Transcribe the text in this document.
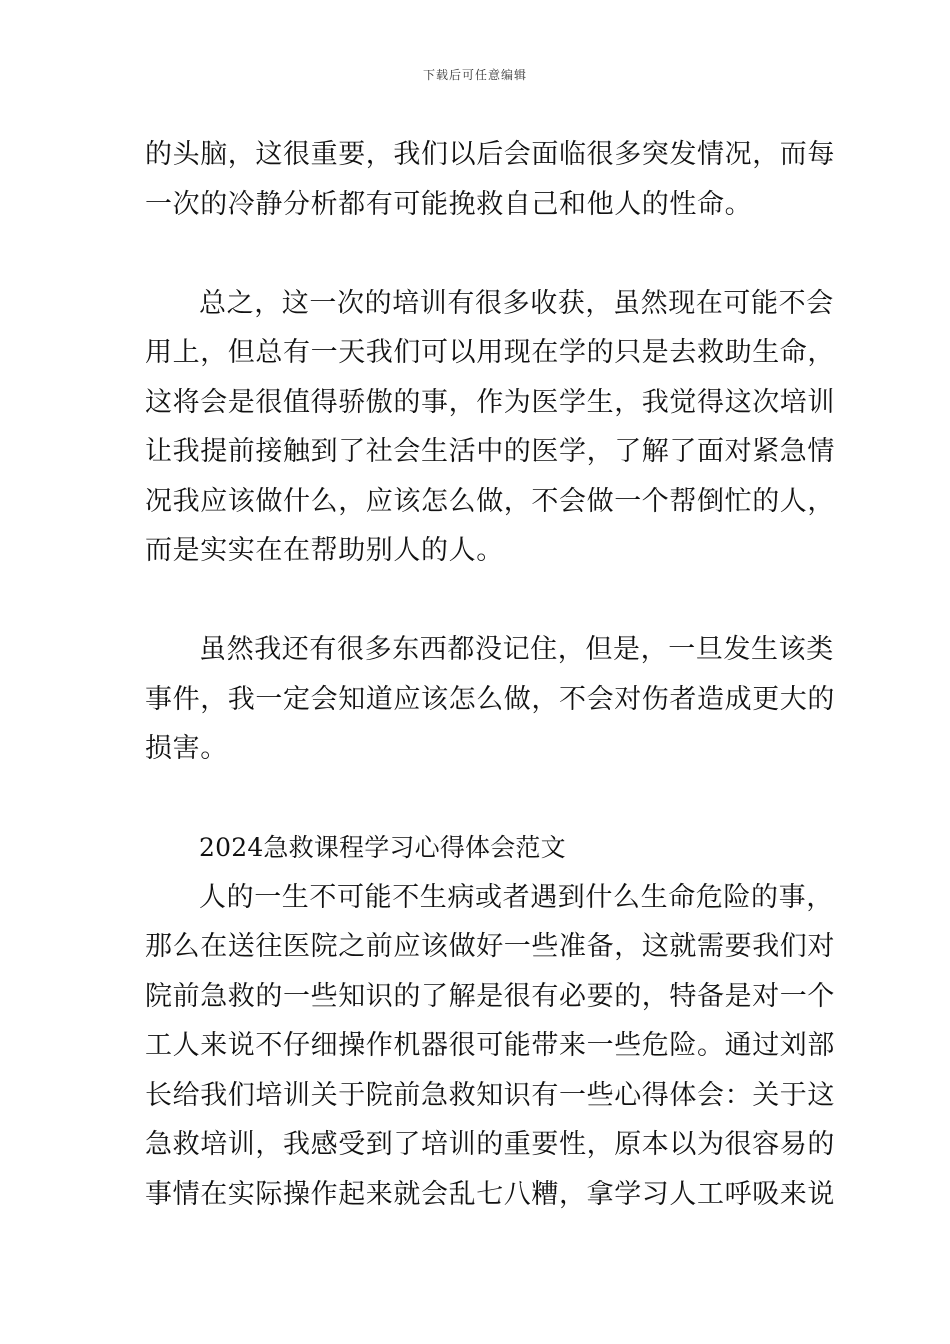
下载后可任意编辑
的头脑，这很重要，我们以后会面临很多突发情况，而每
一次的冷静分析都有可能挽救自己和他人的性命。
总之，这一次的培训有很多收获，虽然现在可能不会
用上，但总有一天我们可以用现在学的只是去救助生命，
这将会是很值得骄傲的事，作为医学生，我觉得这次培训
让我提前接触到了社会生活中的医学，了解了面对紧急情
况我应该做什么，应该怎么做，不会做一个帮倒忙的人，
而是实实在在帮助别人的人。
虽然我还有很多东西都没记住，但是，一旦发生该类
事件，我一定会知道应该怎么做，不会对伤者造成更大的
损害。
2024急救课程学习心得体会范文
人的一生不可能不生病或者遇到什么生命危险的事，
那么在送往医院之前应该做好一些准备，这就需要我们对
院前急救的一些知识的了解是很有必要的，特备是对一个
工人来说不仔细操作机器很可能带来一些危险。通过刘部
长给我们培训关于院前急救知识有一些心得体会：关于这
急救培训，我感受到了培训的重要性，原本以为很容易的
事情在实际操作起来就会乱七八糟，拿学习人工呼吸来说
